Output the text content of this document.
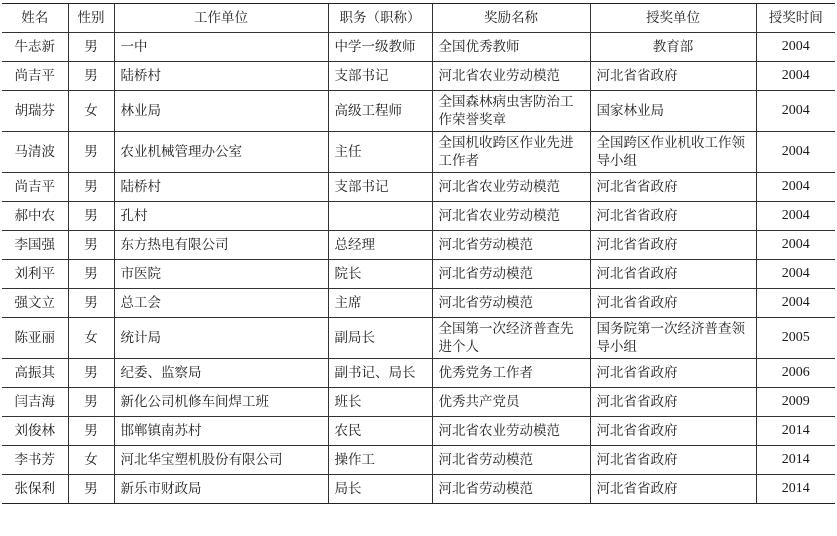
姓名	性别	工作单位	职务（职称）	奖励名称	授奖单位	授奖时间
牛志新	男	一中	中学一级教师	全国优秀教师	教育部	2004
尚吉平	男	陆桥村	支部书记	河北省农业劳动模范	河北省省政府	2004
胡瑞芬	女	林业局	高级工程师	全国森林病虫害防治工作荣誉奖章	国家林业局	2004
马清波	男	农业机械管理办公室	主任	全国机收跨区作业先进工作者	全国跨区作业机收工作领导小组	2004
尚吉平	男	陆桥村	支部书记	河北省农业劳动模范	河北省省政府	2004
郝中农	男	孔村		河北省农业劳动模范	河北省省政府	2004
李国强	男	东方热电有限公司	总经理	河北省劳动模范	河北省省政府	2004
刘利平	男	市医院	院长	河北省劳动模范	河北省省政府	2004
强文立	男	总工会	主席	河北省劳动模范	河北省省政府	2004
陈亚丽	女	统计局	副局长	全国第一次经济普查先进个人	国务院第一次经济普查领导小组	2005
高振其	男	纪委、监察局	副书记、局长	优秀党务工作者	河北省省政府	2006
闫吉海	男	新化公司机修车间焊工班	班长	优秀共产党员	河北省省政府	2009
刘俊林	男	邯郸镇南苏村	农民	河北省农业劳动模范	河北省省政府	2014
李书芳	女	河北华宝塑机股份有限公司	操作工	河北省劳动模范	河北省省政府	2014
张保利	男	新乐市财政局	局长	河北省劳动模范	河北省省政府	2014
